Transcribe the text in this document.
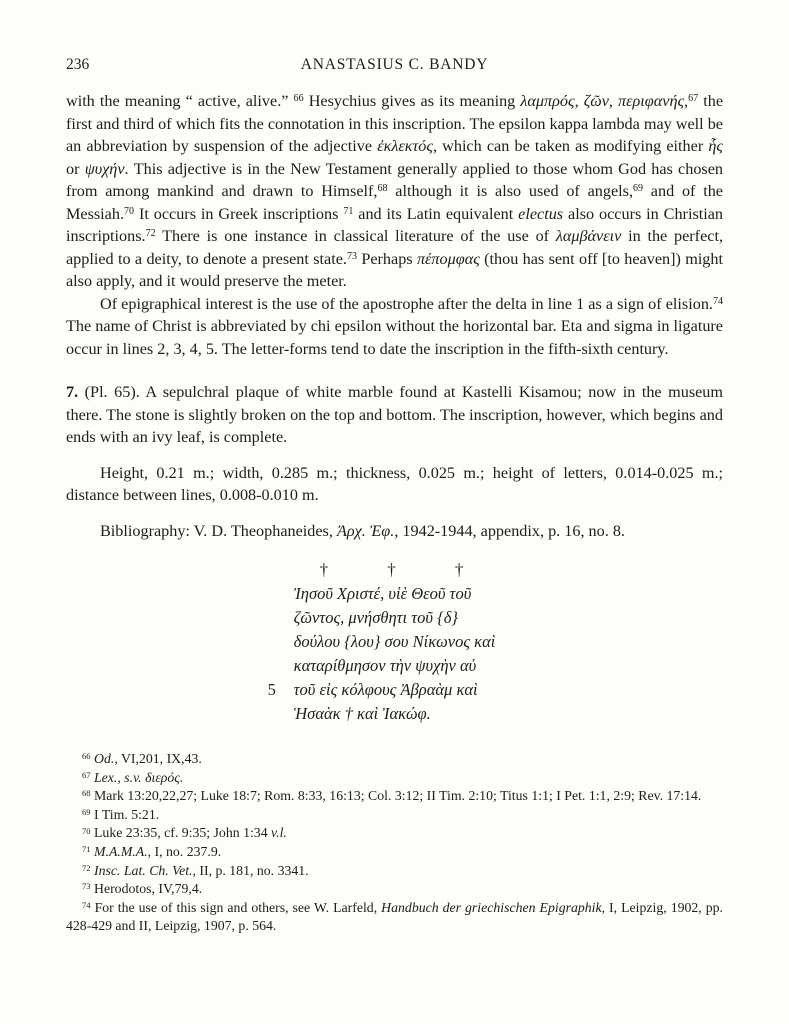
236	ANASTASIUS C. BANDY

with the meaning “ active, alive.” $^{66}$ Hesychius gives as its meaning λαμπρός, ζῶν, περιφανής,$^{67}$ the first and third of which fits the connotation in this inscription. The epsilon kappa lambda may well be an abbreviation by suspension of the adjective ἐκλεκτός, which can be taken as modifying either ἧς or ψυχήν. This adjective is in the New Testament generally applied to those whom God has chosen from among mankind and drawn to Himself,$^{68}$ although it is also used of angels,$^{69}$ and of the Messiah.$^{70}$ It occurs in Greek inscriptions $^{71}$ and its Latin equivalent electus also occurs in Christian inscriptions.$^{72}$ There is one instance in classical literature of the use of λαμβάνειν in the perfect, applied to a deity, to denote a present state.$^{73}$ Perhaps πέπομφας (thou has sent off [to heaven]) might also apply, and it would preserve the meter.

Of epigraphical interest is the use of the apostrophe after the delta in line 1 as a sign of elision.$^{74}$ The name of Christ is abbreviated by chi epsilon without the horizontal bar. Eta and sigma in ligature occur in lines 2, 3, 4, 5. The letter-forms tend to date the inscription in the fifth-sixth century.

7. (Pl. 65). A sepulchral plaque of white marble found at Kastelli Kisamou; now in the museum there. The stone is slightly broken on the top and bottom. The inscription, however, which begins and ends with an ivy leaf, is complete.

Height, 0.21 m.; width, 0.285 m.; thickness, 0.025 m.; height of letters, 0.014-0.025 m.; distance between lines, 0.008-0.010 m.

Bibliography: V. D. Theophaneides, Ἀρχ. Ἐφ., 1942-1944, appendix, p. 16, no. 8.

†	†	†
Ἰησοῦ Χριστέ, υἱὲ Θεοῦ τοῦ
ζῶντος, μνήσθητι τοῦ {δ}
δούλου {λου} σου Νίκωνος καὶ
καταρίθμησον τὴν ψυχὴν αὐ
5 τοῦ εἰς κόλφους Ἀβραὰμ καὶ
Ἡσαὰκ † καὶ Ἰακώφ.

$^{66}$ Od., VI,201, IX,43.

$^{67}$ Lex., s.v. διερός.

$^{68}$ Mark 13:20,22,27; Luke 18:7; Rom. 8:33, 16:13; Col. 3:12; II Tim. 2:10; Titus 1:1; I Pet. 1:1, 2:9; Rev. 17:14.

$^{69}$ I Tim. 5:21.

$^{70}$ Luke 23:35, cf. 9:35; John 1:34 v.l.

$^{71}$ M.A.M.A., I, no. 237.9.

$^{72}$ Insc. Lat. Ch. Vet., II, p. 181, no. 3341.

$^{73}$ Herodotos, IV,79,4.

$^{74}$ For the use of this sign and others, see W. Larfeld, Handbuch der griechischen Epigraphik, I, Leipzig, 1902, pp. 428-429 and II, Leipzig, 1907, p. 564.
